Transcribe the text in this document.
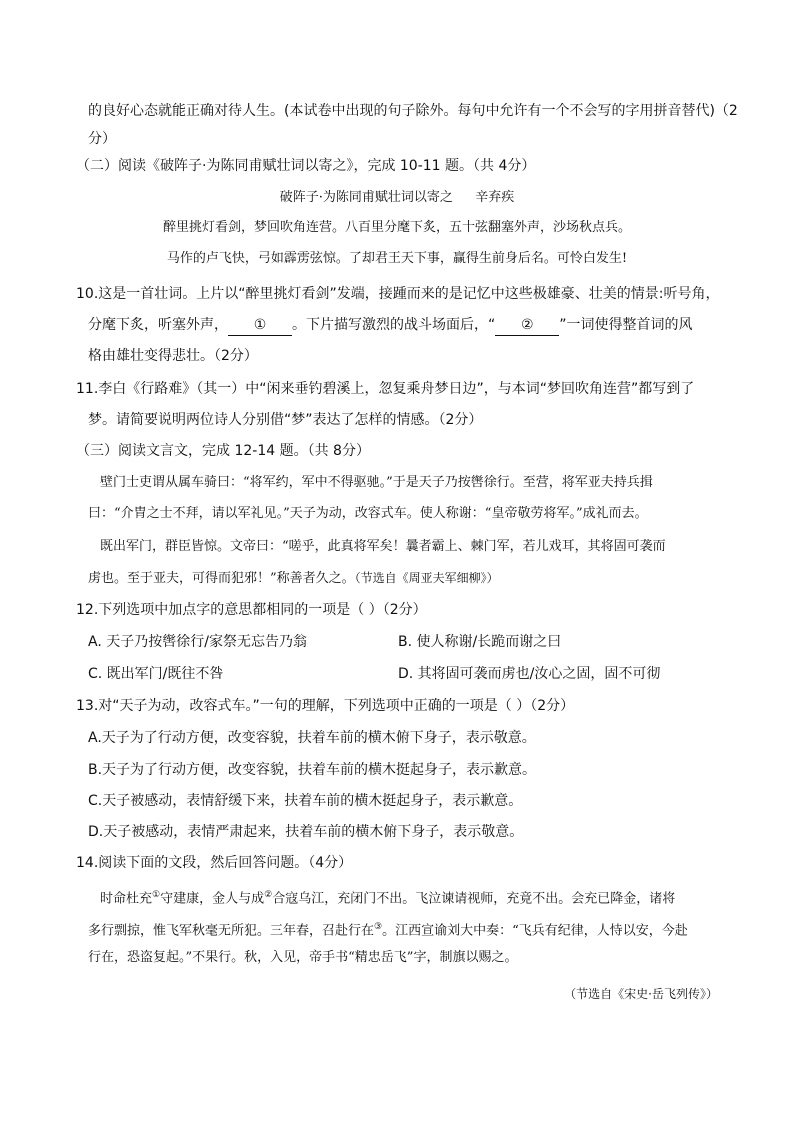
的良好心态就能正确对待人生。(本试卷中出现的句子除外。每句中允许有一个不会写的字用拼音替代)（2
分）
（二）阅读《破阵子·为陈同甫赋壮词以寄之》，完成 10-11 题。（共 4分）
破阵子·为陈同甫赋壮词以寄之 辛弃疾
醉里挑灯看剑，梦回吹角连营。八百里分麾下炙，五十弦翻塞外声，沙场秋点兵。
马作的卢飞快，弓如霹雳弦惊。了却君王天下事，赢得生前身后名。可怜白发生!
10.这是一首壮词。上片以“醉里挑灯看剑”发端，接踵而来的是记忆中这些极雄豪、壮美的情景:听号角，
分麾下炙，听塞外声， ① 。下片描写激烈的战斗场面后，“ ② ”一词使得整首词的风
格由雄壮变得悲壮。（2分）
11.李白《行路难》（其一）中“闲来垂钓碧溪上，忽复乘舟梦日边”，与本词“梦回吹角连营”都写到了
梦。请简要说明两位诗人分别借“梦”表达了怎样的情感。（2分）
（三）阅读文言文，完成 12-14 题。（共 8分）
壁门士吏谓从属车骑曰：“将军约，军中不得驱驰。”于是天子乃按辔徐行。至营，将军亚夫持兵揖
曰：“介胄之士不拜，请以军礼见。”天子为动，改容式车。使人称谢：“皇帝敬劳将军。”成礼而去。
既出军门，群臣皆惊。文帝曰：“嗟乎，此真将军矣！曩者霸上、棘门军，若儿戏耳，其将固可袭而
虏也。至于亚夫，可得而犯邪！”称善者久之。（节选自《周亚夫军细柳》）
12.下列选项中加点字的意思都相同的一项是（ ）（2分）
A. 天子乃按辔徐行/家祭无忘告乃翁	B. 使人称谢/长跪而谢之曰
C. 既出军门/既往不咎	D. 其将固可袭而虏也/汝心之固，固不可彻
13.对“天子为动，改容式车。”一句的理解，下列选项中正确的一项是（ ）（2分）
A.天子为了行动方便，改变容貌，扶着车前的横木俯下身子，表示敬意。
B.天子为了行动方便，改变容貌，扶着车前的横木挺起身子，表示歉意。
C.天子被感动，表情舒缓下来，扶着车前的横木挺起身子，表示歉意。
D.天子被感动，表情严肃起来，扶着车前的横木俯下身子，表示敬意。
14.阅读下面的文段，然后回答问题。（4分）
时命杜充①守建康，金人与成②合寇乌江，充闭门不出。飞泣谏请视师，充竟不出。会充已降金，诸将
多行剽掠，惟飞军秋毫无所犯。三年春，召赴行在③。江西宣谕刘大中奏：“飞兵有纪律，人恃以安，今赴
行在，恐盗复起。”不果行。秋，入见，帝手书“精忠岳飞”字，制旗以赐之。
（节选自《宋史·岳飞列传》）
